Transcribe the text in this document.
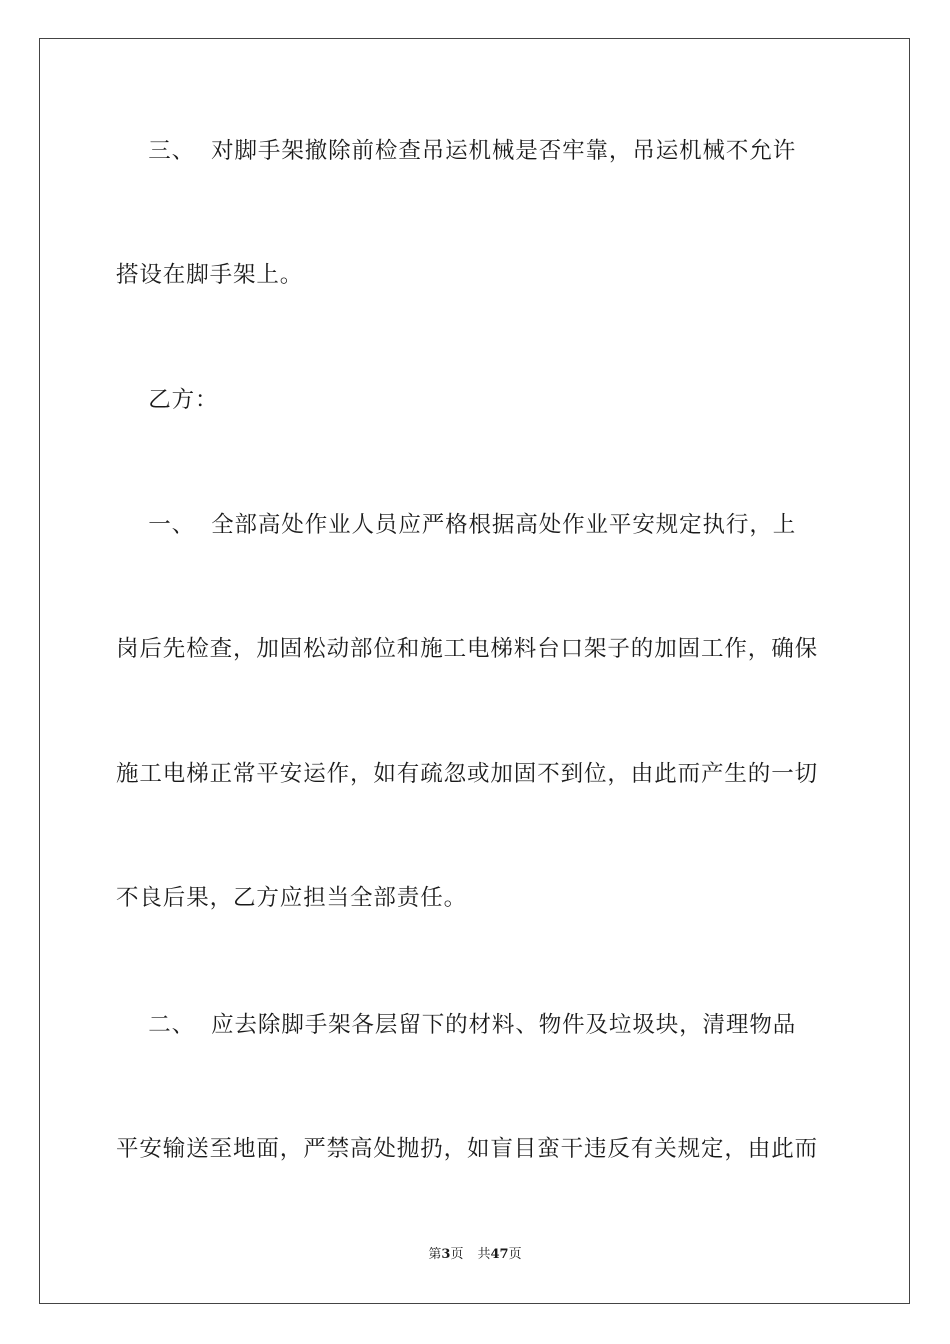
三、  对脚手架撤除前检查吊运机械是否牢靠，吊运机械不允许
搭设在脚手架上。
乙方：
一、  全部高处作业人员应严格根据高处作业平安规定执行，上
岗后先检查，加固松动部位和施工电梯料台口架子的加固工作，确保
施工电梯正常平安运作，如有疏忽或加固不到位，由此而产生的一切
不良后果，乙方应担当全部责任。
二、  应去除脚手架各层留下的材料、物件及垃圾块，清理物品
平安输送至地面，严禁高处抛扔，如盲目蛮干违反有关规定，由此而
第3页 共47页
